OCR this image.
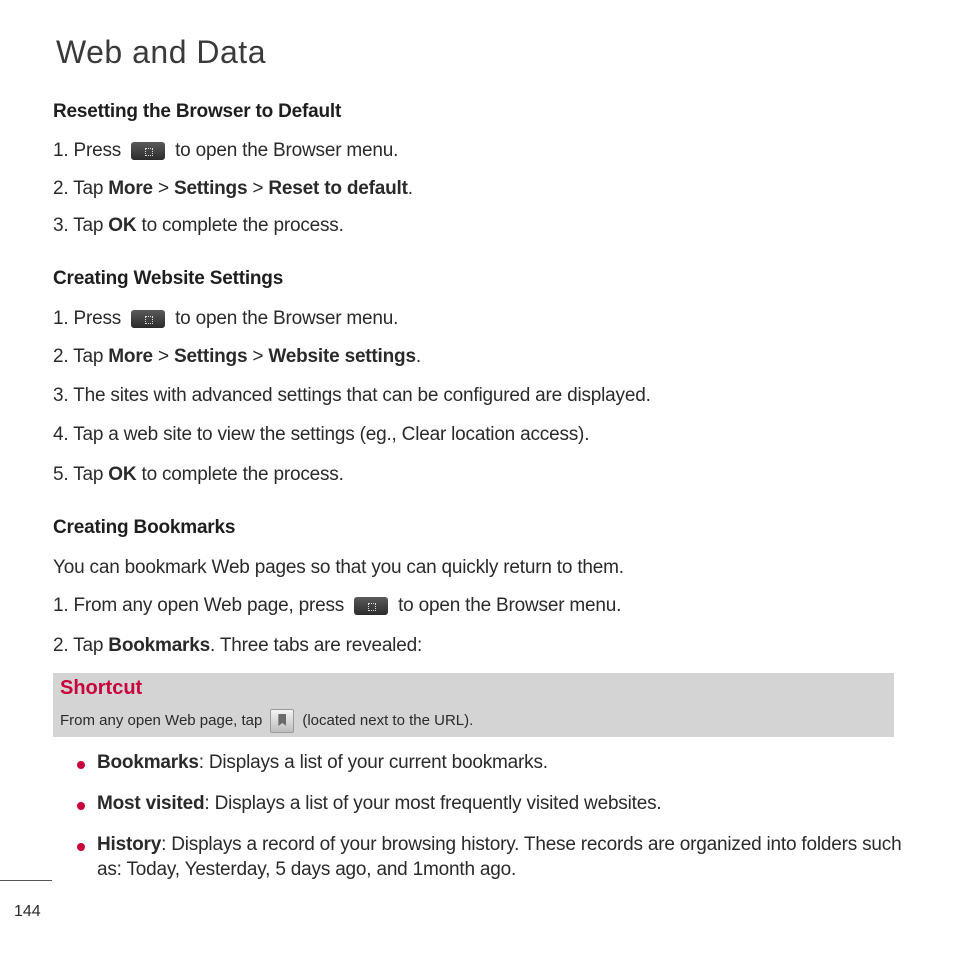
Web and Data
Resetting the Browser to Default
1. Press	to open the Browser menu.
2. Tap More > Settings > Reset to default.
3. Tap OK to complete the process.
Creating Website Settings
1. Press	to open the Browser menu.
2. Tap More > Settings > Website settings.
3. The sites with advanced settings that can be configured are displayed.
4. Tap a web site to view the settings (eg., Clear location access).
5. Tap OK to complete the process.
Creating Bookmarks
You can bookmark Web pages so that you can quickly return to them.
1. From any open Web page, press	to open the Browser menu.
2. Tap Bookmarks. Three tabs are revealed:
Shortcut
From any open Web page, tap	(located next to the URL).
Bookmarks: Displays a list of your current bookmarks.
Most visited: Displays a list of your most frequently visited websites.
History: Displays a record of your browsing history. These records are organized into folders such
as: Today, Yesterday, 5 days ago, and 1month ago.
144
